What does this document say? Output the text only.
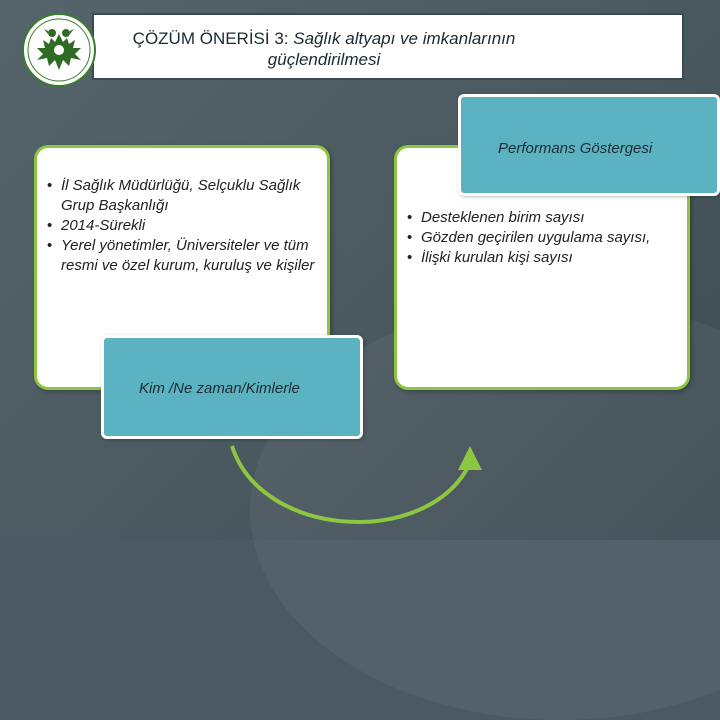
ÇÖZÜM ÖNERİSİ 3: Sağlık altyapı ve imkanlarının güçlendirilmesi
• İl Sağlık Müdürlüğü, Selçuklu Sağlık Grup Başkanlığı
• 2014-Sürekli
• Yerel yönetimler, Üniversiteler ve tüm resmi ve özel kurum, kuruluş ve kişiler
• Desteklenen birim sayısı
• Gözden geçirilen uygulama sayısı,
• İlişki kurulan kişi sayısı
Performans Göstergesi
Kim /Ne zaman/Kimlerle
